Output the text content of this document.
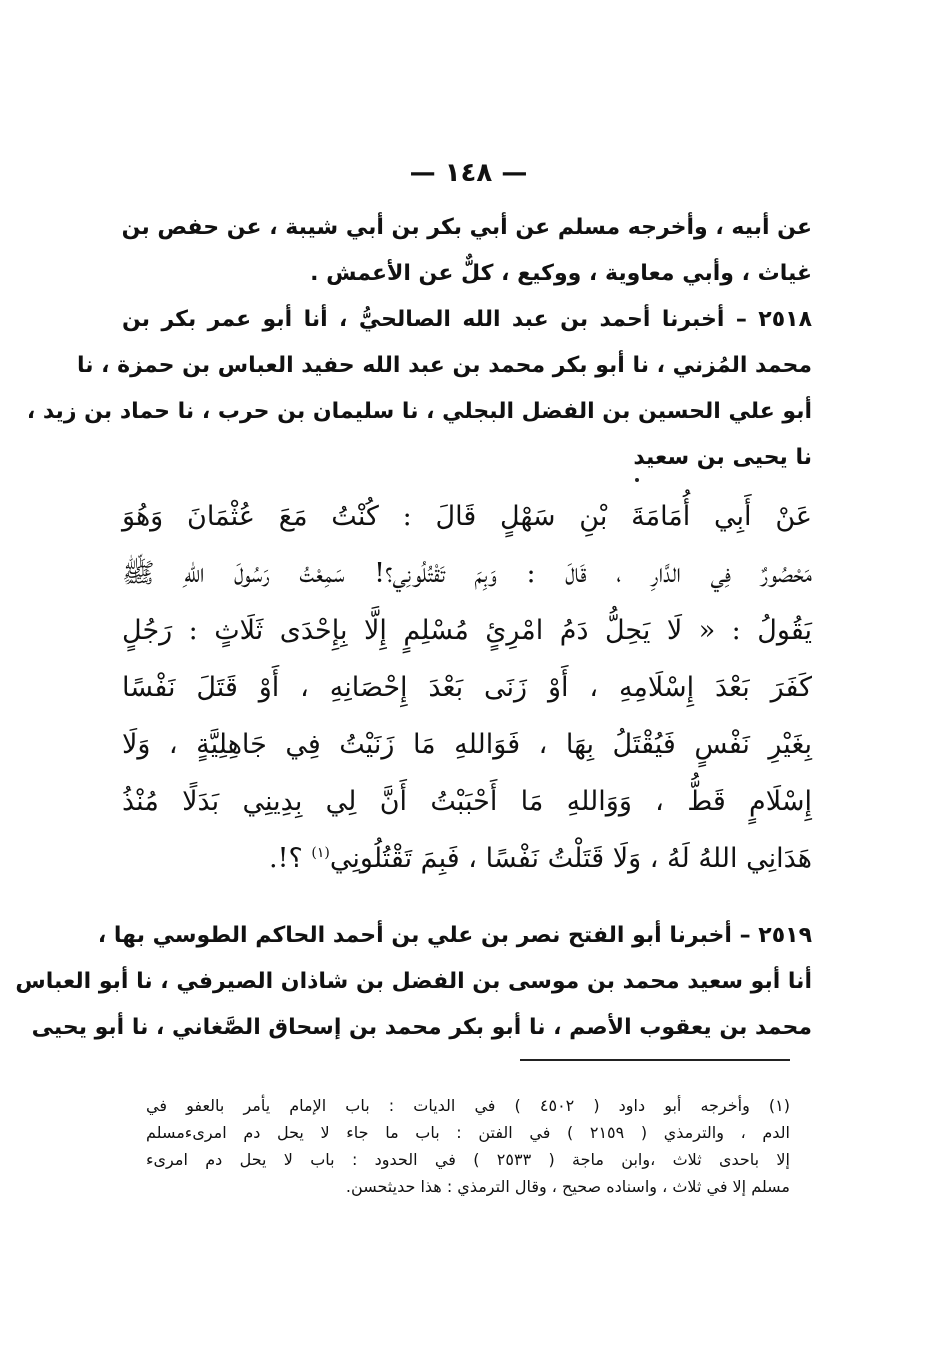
— ١٤٨ —
عن أبيه ، وأخرجه مسلم عن أبي بكر بن أبي شيبة ، عن حفص بن
غياث ، وأبي معاوية ، ووكيع ، كلٌّ عن الأعمش .
٢٥١٨ – أخبرنا أحمد بن عبد الله الصالحيُّ ، أنا أبو عمر بكر بن
محمد المُزني ، نا أبو بكر محمد بن عبد الله حفيد العباس بن حمزة ، نا
أبو علي الحسين بن الفضل البجلي ، نا سليمان بن حرب ، نا حماد بن زيد ،
نا يحيى بن سعيد
عَنْ أَبِي أُمَامَةَ بْنِ سَهْلٍ قَالَ : كُنْتُ مَعَ عُثْمَانَ وَهُوَ
مَحْصُورٌ فِي الدَّارِ ، قَالَ : وَبِمَ تَقْتُلُونِي؟! سَمِعْتُ رَسُولَ اللهِ ﷺ
يَقُولُ : « لَا يَحِلُّ دَمُ امْرِئٍ مُسْلِمٍ إِلَّا بِإِحْدَى ثَلَاثٍ : رَجُلٍ
كَفَرَ بَعْدَ إِسْلَامِهِ ، أَوْ زَنَى بَعْدَ إِحْصَانِهِ ، أَوْ قَتَلَ نَفْسًا
بِغَيْرِ نَفْسٍ فَيُقْتَلُ بِهَا ، فَوَاللهِ مَا زَنَيْتُ فِي جَاهِلِيَّةٍ ، وَلَا
إِسْلَامٍ قَطُّ ، وَوَاللهِ مَا أَحْبَبْتُ أَنَّ لِي بِدِينِي بَدَلًا مُنْذُ
هَدَانِي اللهُ لَهُ ، وَلَا قَتَلْتُ نَفْسًا ، فَبِمَ تَقْتُلُونِي$^{(١)}$ ؟!.
٢٥١٩ – أخبرنا أبو الفتح نصر بن علي بن أحمد الحاكم الطوسي بها ،
أنا أبو سعيد محمد بن موسى بن الفضل بن شاذان الصيرفي ، نا أبو العباس
محمد بن يعقوب الأصم ، نا أبو بكر محمد بن إسحاق الصَّغاني ، نا أبو يحيى
(١) وأخرجه أبو داود ( ٤٥٠٢ ) في الديات : باب الإمام يأمر بالعفو في
الدم ، والترمذي ( ٢١٥٩ ) في الفتن : باب ما جاء لا يحل دم امرىءمسلم
إلا باحدى ثلاث ،وابن ماجة ( ٢٥٣٣ ) في الحدود : باب لا يحل دم امرىء
مسلم إلا في ثلاث ، واسناده صحيح ، وقال الترمذي : هذا حديثحسن.
